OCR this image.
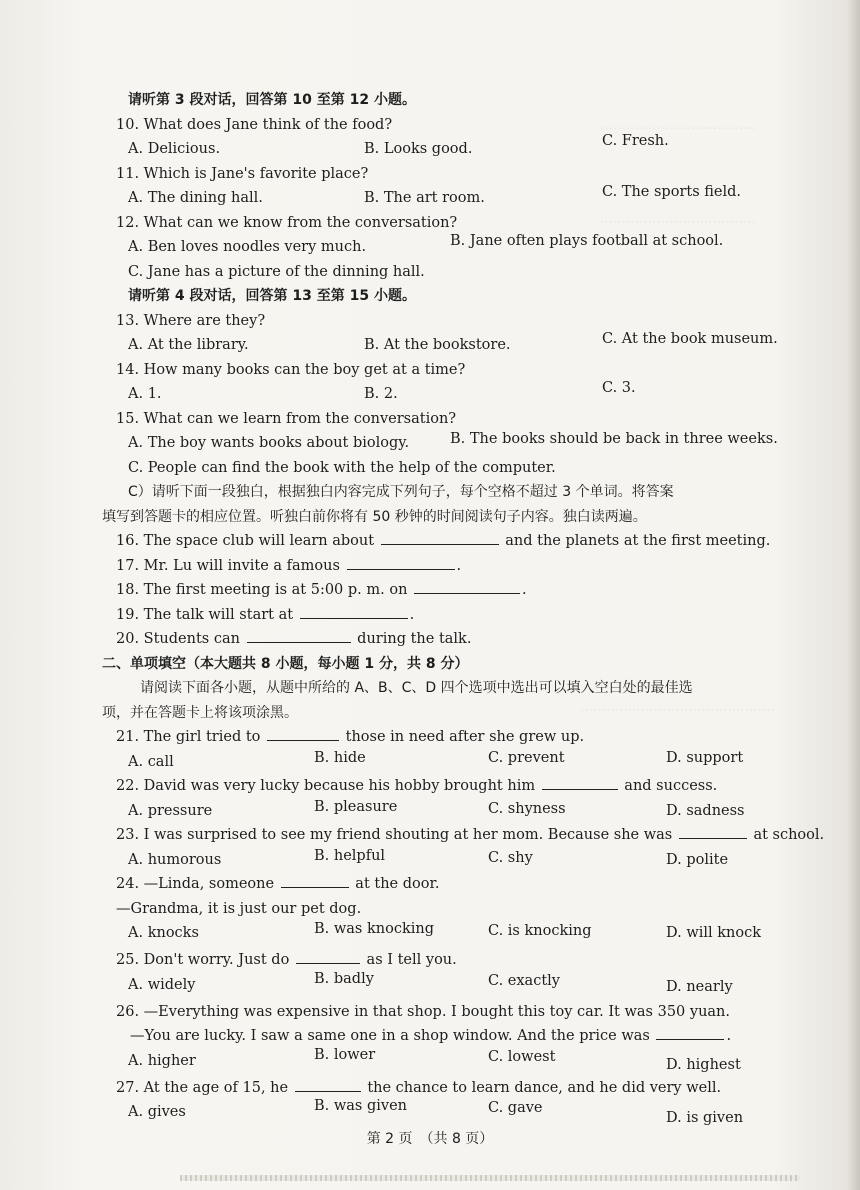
………………………………
………………………………
………………………………………
请听第 3 段对话，回答第 10 至第 12 小题。
10. What does Jane think of the food?
A. Delicious.	B. Looks good.	C. Fresh.
11. Which is Jane's favorite place?
A. The dining hall.	B. The art room.	C. The sports field.
12. What can we know from the conversation?
A. Ben loves noodles very much.	B. Jane often plays football at school.
C. Jane has a picture of the dinning hall.
请听第 4 段对话，回答第 13 至第 15 小题。
13. Where are they?
A. At the library.	B. At the bookstore.	C. At the book museum.
14. How many books can the boy get at a time?
A. 1.	B. 2.	C. 3.
15. What can we learn from the conversation?
A. The boy wants books about biology.	B. The books should be back in three weeks.
C. People can find the book with the help of the computer.
C）请听下面一段独白，根据独白内容完成下列句子，每个空格不超过 3 个单词。将答案
填写到答题卡的相应位置。听独白前你将有 50 秒钟的时间阅读句子内容。独白读两遍。
16. The space club will learn about	and the planets at the first meeting.
17. Mr. Lu will invite a famous	.
18. The first meeting is at 5:00 p. m. on	.
19. The talk will start at	.
20. Students can	during the talk.
二、单项填空（本大题共 8 小题，每小题 1 分，共 8 分）
请阅读下面各小题，从题中所给的 A、B、C、D 四个选项中选出可以填入空白处的最佳选
项，并在答题卡上将该项涂黑。
21. The girl tried to	those in need after she grew up.
A. call	B. hide	C. prevent	D. support
22. David was very lucky because his hobby brought him	and success.
A. pressure	B. pleasure	C. shyness	D. sadness
23. I was surprised to see my friend shouting at her mom. Because she was	at school.
A. humorous	B. helpful	C. shy	D. polite
24. —Linda, someone	at the door.
—Grandma, it is just our pet dog.
A. knocks	B. was knocking	C. is knocking	D. will knock
25. Don't worry. Just do	as I tell you.
A. widely	B. badly	C. exactly	D. nearly
26. —Everything was expensive in that shop. I bought this toy car. It was 350 yuan.
—You are lucky. I saw a same one in a shop window. And the price was	.
A. higher	B. lower	C. lowest	D. highest
27. At the age of 15, he	the chance to learn dance, and he did very well.
A. gives	B. was given	C. gave
D. is given
第 2 页　（共 8 页）
